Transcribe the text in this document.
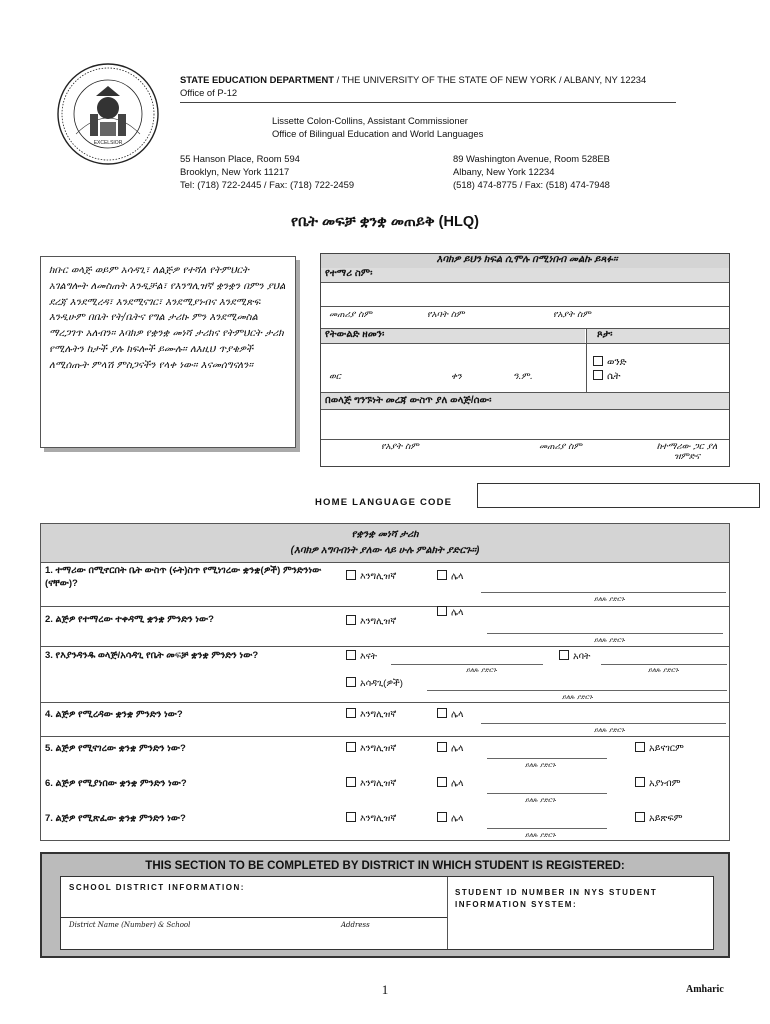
EXCELSIOR
STATE EDUCATION DEPARTMENT / THE UNIVERSITY OF THE STATE OF NEW YORK / ALBANY, NY 12234
Office of P-12
Lissette Colon-Collins, Assistant Commissioner
Office of Bilingual Education and World Languages
55 Hanson Place, Room 594
Brooklyn, New York 11217
Tel: (718) 722-2445 / Fax: (718) 722-2459
89 Washington Avenue, Room 528EB
Albany, New York 12234
(518) 474-8775 / Fax: (518) 474-7948
የቤት መፍቻ ቋንቋ መጠይቅ (HLQ)
ክቡር ወላጅ ወይም አሳዳጊ፣ ለልጅዎ የተሻለ የትምህርት አገልግሎት ለመስጠት እንዲቻል፣ የእንግሊዝኛ ቋንቋን በምን ያህል ደረጃ እንደሚረዳ፣ እንደሚናገር፣ እንደሚያነብና እንደሚጽፍ እንዲሁም በቤት የት/ቤትና የግል ታሪኩ ምን እንደሚመስል ማረጋገጥ አለብን። እባክዎ የቋንቋ መነሻ ታሪክና የትምህርት ታሪክ የሚሉትን ከታች ያሉ ክፍሎች ይሙሉ። ለእዚህ ጥያቄዎች ለሚሰጡት ምላሽ ምስጋናችን የላቀ ነው። እናመሰግናለን።
እባክዎ ይህን ክፍል ሲሞሉ በሚነበብ መልኩ ይጻፉ።
የተማሪ ስም፡
መጠሪያ ስም	የአባት ስም	የአያት ስም
የትውልድ ዘመን፡	ጾታ፡
ወር	ቀን	ዓ.ም.
ወንድ
ሴት
በወላጅ ግንኙነት መረጃ ውስጥ ያለ ወላጅ/ሰው፡
የአያት ስም	መጠሪያ ስም	ከተማሪው ጋር ያለ ዝምድና
HOME LANGUAGE CODE
የቋንቋ መነሻ ታሪክ
(እባክዎ አግባብነት ያለው ላይ ሁሉ ምልክት ያድርጉ።)
1. ተማሪው በሚኖርበት ቤት ውስጥ (ሩት)ስጥ የሚነገረው ቋንቋ(ዎች) ምንድንነው (ናቸው)?
እንግሊዝኛ	ሌላ
ይለጹ ያድርጉ
2. ልጅዎ የተማረው ተቀዳሚ ቋንቋ ምንድን ነው?	እንግሊዝኛ
ሌላ
ይለጹ ያድርጉ
3. የእያንዳንዱ ወላጅ/አሳዳጊ የቤት መፍቻ ቋንቋ ምንድን ነው?	እናት
ይለጹ ያድርጉ
አባት
ይለጹ ያድርጉ
አሳዳጊ(ዎች)
ይለጹ ያድርጉ
4. ልጅዎ የሚረዳው ቋንቋ ምንድን ነው?	እንግሊዝኛ	ሌላ
ይለጹ ያድርጉ
5. ልጅዎ የሚናገረው ቋንቋ ምንድን ነው?	እንግሊዝኛ	ሌላ
ይለጹ ያድርጉ
አይናገርም
6. ልጅዎ የሚያነበው ቋንቋ ምንድን ነው?	እንግሊዝኛ	ሌላ
ይለጹ ያድርጉ
አያነብም
7. ልጅዎ የሚጽፈው ቋንቋ ምንድን ነው?	እንግሊዝኛ	ሌላ
ይለጹ ያድርጉ
አይጽፍም
THIS SECTION TO BE COMPLETED BY DISTRICT IN WHICH STUDENT IS REGISTERED:
SCHOOL DISTRICT INFORMATION:
STUDENT ID NUMBER IN NYS STUDENT INFORMATION SYSTEM:
District Name (Number) & School	Address
1	Amharic
